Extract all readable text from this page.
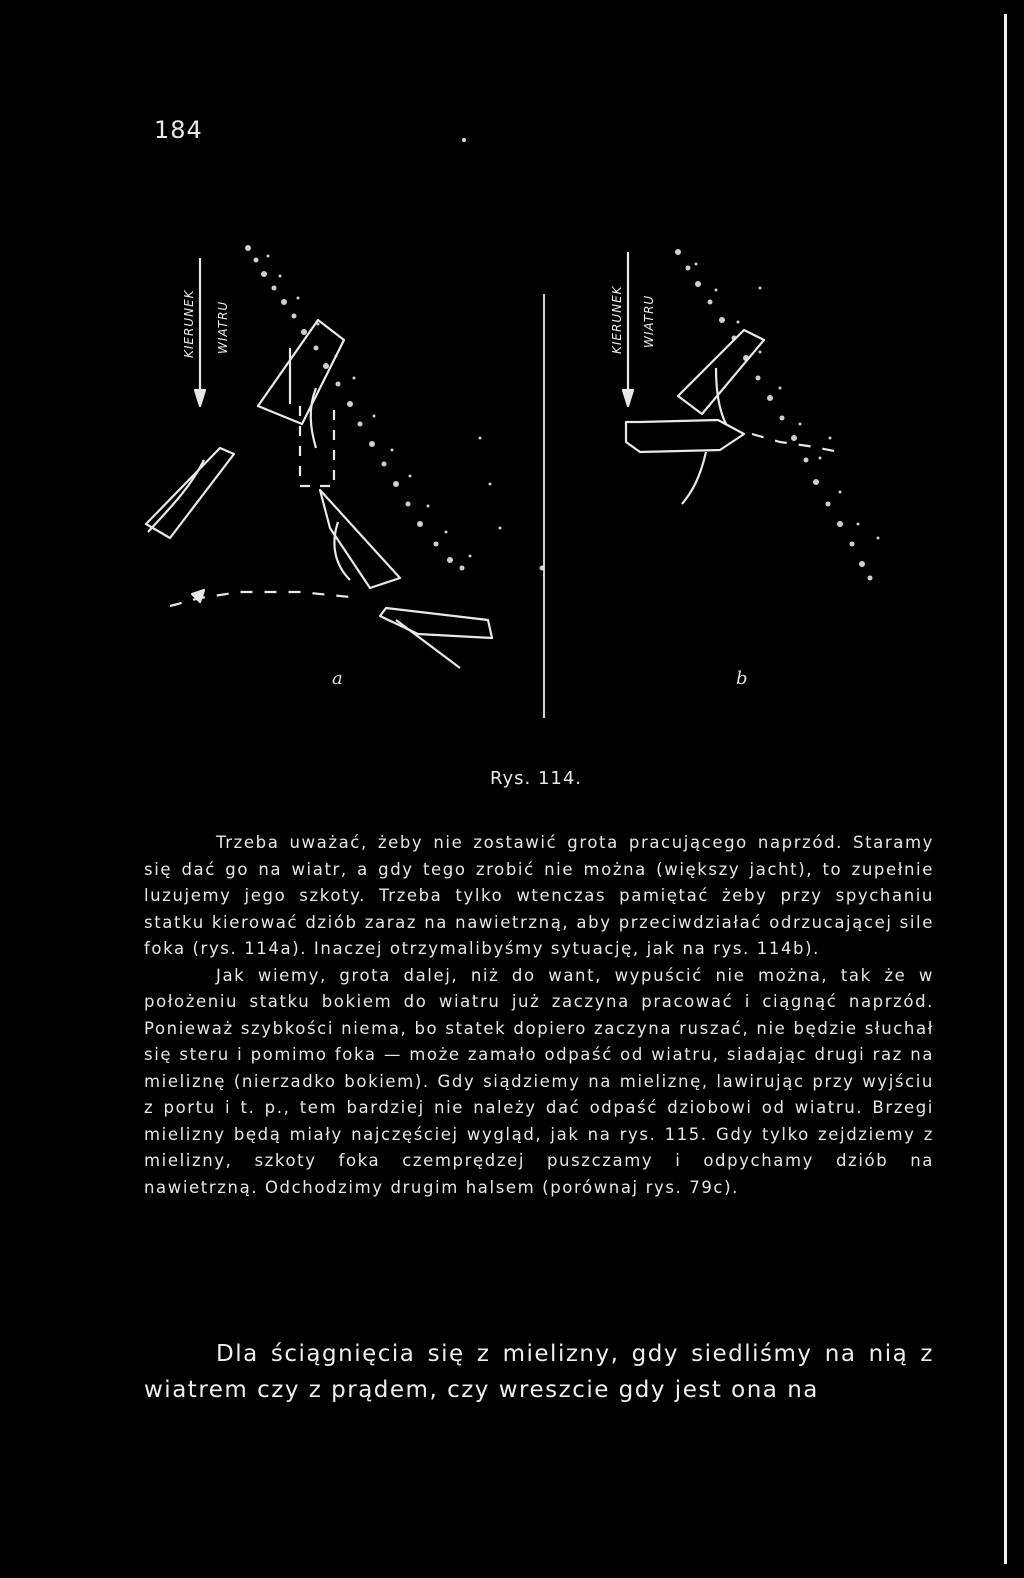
184
KIERUNEK WIATRU	KIERUNEK WIATRU
a	b
Rys. 114.

Trzeba uważać, żeby nie zostawić grota pracującego naprzód. Staramy się dać go na wiatr, a gdy tego zrobić nie można (większy jacht), to zupełnie luzujemy jego szkoty. Trzeba tylko wtenczas pamiętać żeby przy spychaniu statku kierować dziób zaraz na nawietrzną, aby przeciwdziałać odrzucającej sile foka (rys. 114a). Inaczej otrzymalibyśmy sytuację, jak na rys. 114b).

Jak wiemy, grota dalej, niż do want, wypuścić nie można, tak że w położeniu statku bokiem do wiatru już zaczyna pracować i ciągnąć naprzód. Ponieważ szybkości niema, bo statek dopiero zaczyna ruszać, nie będzie słuchał się steru i pomimo foka — może zamało odpaść od wiatru, siadając drugi raz na mieliznę (nierzadko bokiem). Gdy siądziemy na mieliznę, lawirując przy wyjściu z portu i t. p., tem bardziej nie należy dać odpaść dziobowi od wiatru. Brzegi mielizny będą miały najczęściej wygląd, jak na rys. 115. Gdy tylko zejdziemy z mielizny, szkoty foka czemprędzej puszczamy i odpychamy dziób na nawietrzną. Odchodzimy drugim halsem (porównaj rys. 79c).

Dla ściągnięcia się z mielizny, gdy siedliśmy na nią z wiatrem czy z prądem, czy wreszcie gdy jest ona na
